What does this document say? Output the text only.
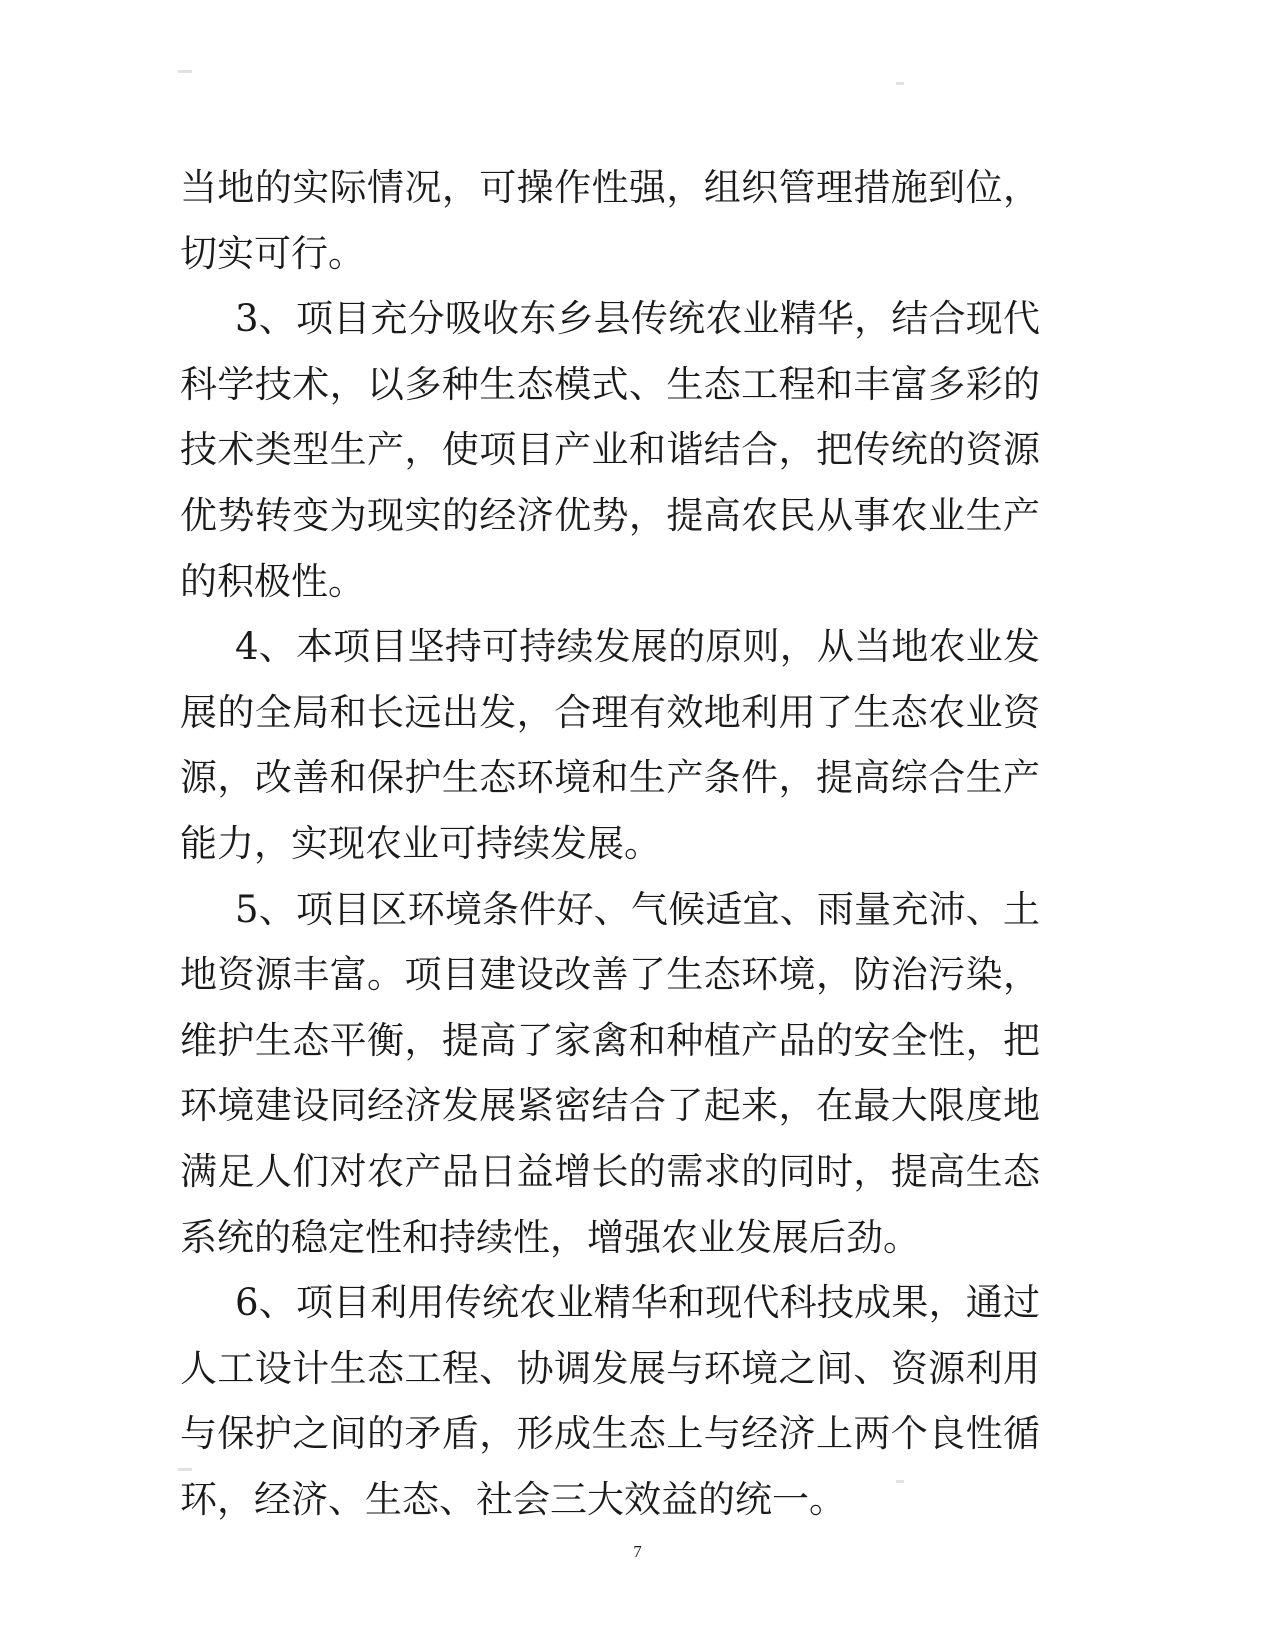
当地的实际情况，可操作性强，组织管理措施到位，切实可行。

3、项目充分吸收东乡县传统农业精华，结合现代科学技术，以多种生态模式、生态工程和丰富多彩的技术类型生产，使项目产业和谐结合，把传统的资源优势转变为现实的经济优势，提高农民从事农业生产的积极性。

4、本项目坚持可持续发展的原则，从当地农业发展的全局和长远出发，合理有效地利用了生态农业资源，改善和保护生态环境和生产条件，提高综合生产能力，实现农业可持续发展。

5、项目区环境条件好、气候适宜、雨量充沛、土地资源丰富。项目建设改善了生态环境，防治污染，维护生态平衡，提高了家禽和种植产品的安全性，把环境建设同经济发展紧密结合了起来，在最大限度地满足人们对农产品日益增长的需求的同时，提高生态系统的稳定性和持续性，增强农业发展后劲。

6、项目利用传统农业精华和现代科技成果，通过人工设计生态工程、协调发展与环境之间、资源利用与保护之间的矛盾，形成生态上与经济上两个良性循环，经济、生态、社会三大效益的统一。

7
